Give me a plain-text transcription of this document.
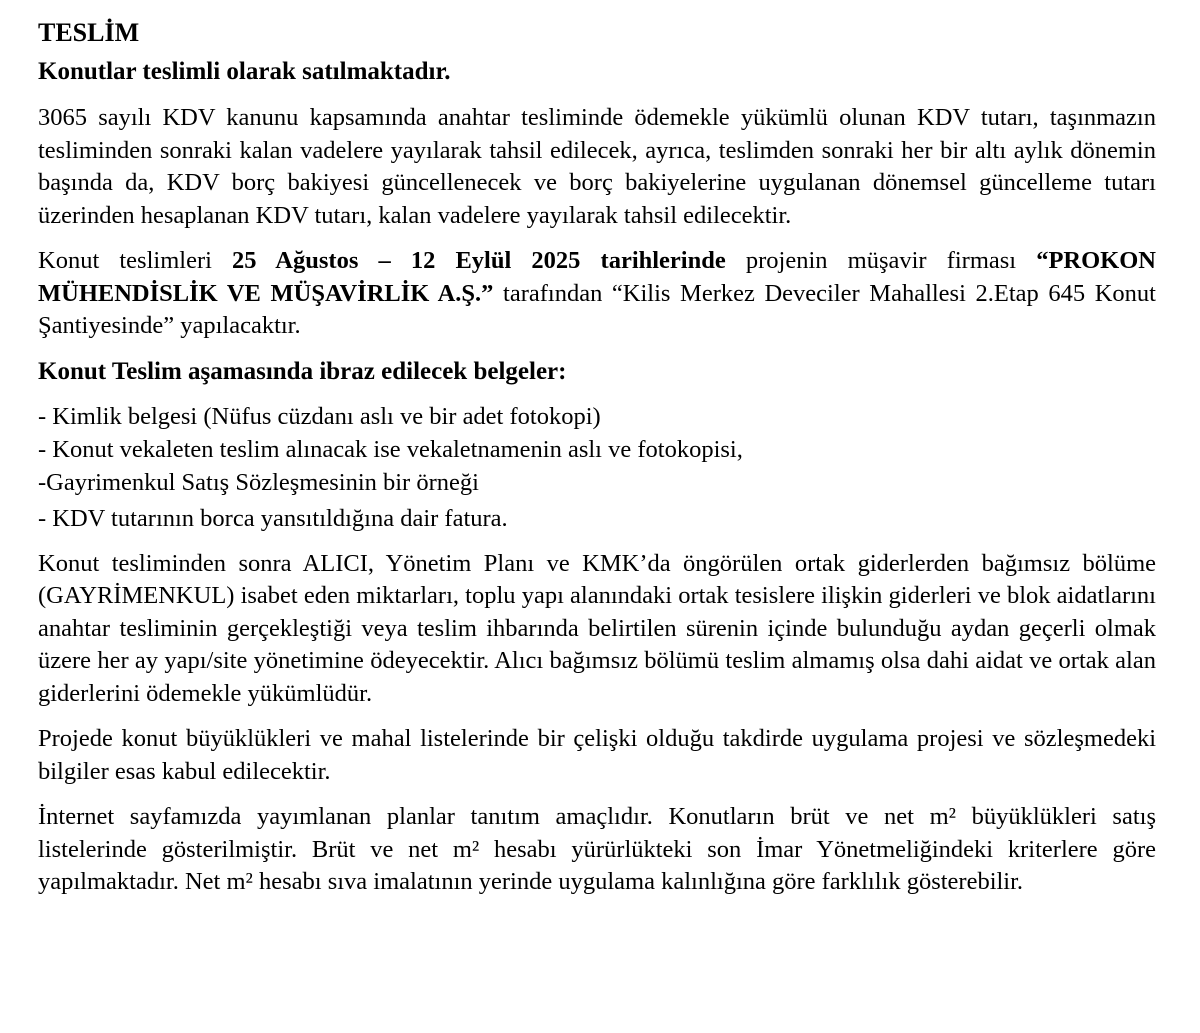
TESLİM
Konutlar teslimli olarak satılmaktadır.

3065 sayılı KDV kanunu kapsamında anahtar tesliminde ödemekle yükümlü olunan KDV tutarı, taşınmazın tesliminden sonraki kalan vadelere yayılarak tahsil edilecek, ayrıca, teslimden sonraki her bir altı aylık dönemin başında da, KDV borç bakiyesi güncellenecek ve borç bakiyelerine uygulanan dönemsel güncelleme tutarı üzerinden hesaplanan KDV tutarı, kalan vadelere yayılarak tahsil edilecektir.

Konut teslimleri 25 Ağustos – 12 Eylül 2025 tarihlerinde projenin müşavir firması “PROKON MÜHENDİSLİK VE MÜŞAVİRLİK A.Ş.” tarafından “Kilis Merkez Deveciler Mahallesi 2.Etap 645 Konut Şantiyesinde” yapılacaktır.

Konut Teslim aşamasında ibraz edilecek belgeler:
- Kimlik belgesi (Nüfus cüzdanı aslı ve bir adet fotokopi)
- Konut vekaleten teslim alınacak ise vekaletnamenin aslı ve fotokopisi,
-Gayrimenkul Satış Sözleşmesinin bir örneği
- KDV tutarının borca yansıtıldığına dair fatura.

Konut tesliminden sonra ALICI, Yönetim Planı ve KMK’da öngörülen ortak giderlerden bağımsız bölüme (GAYRİMENKUL) isabet eden miktarları, toplu yapı alanındaki ortak tesislere ilişkin giderleri ve blok aidatlarını anahtar tesliminin gerçekleştiği veya teslim ihbarında belirtilen sürenin içinde bulunduğu aydan geçerli olmak üzere her ay yapı/site yönetimine ödeyecektir. Alıcı bağımsız bölümü teslim almamış olsa dahi aidat ve ortak alan giderlerini ödemekle yükümlüdür.

Projede konut büyüklükleri ve mahal listelerinde bir çelişki olduğu takdirde uygulama projesi ve sözleşmedeki bilgiler esas kabul edilecektir.

İnternet sayfamızda yayımlanan planlar tanıtım amaçlıdır. Konutların brüt ve net m² büyüklükleri satış listelerinde gösterilmiştir. Brüt ve net m² hesabı yürürlükteki son İmar Yönetmeliğindeki kriterlere göre yapılmaktadır. Net m² hesabı sıva imalatının yerinde uygulama kalınlığına göre farklılık gösterebilir.
